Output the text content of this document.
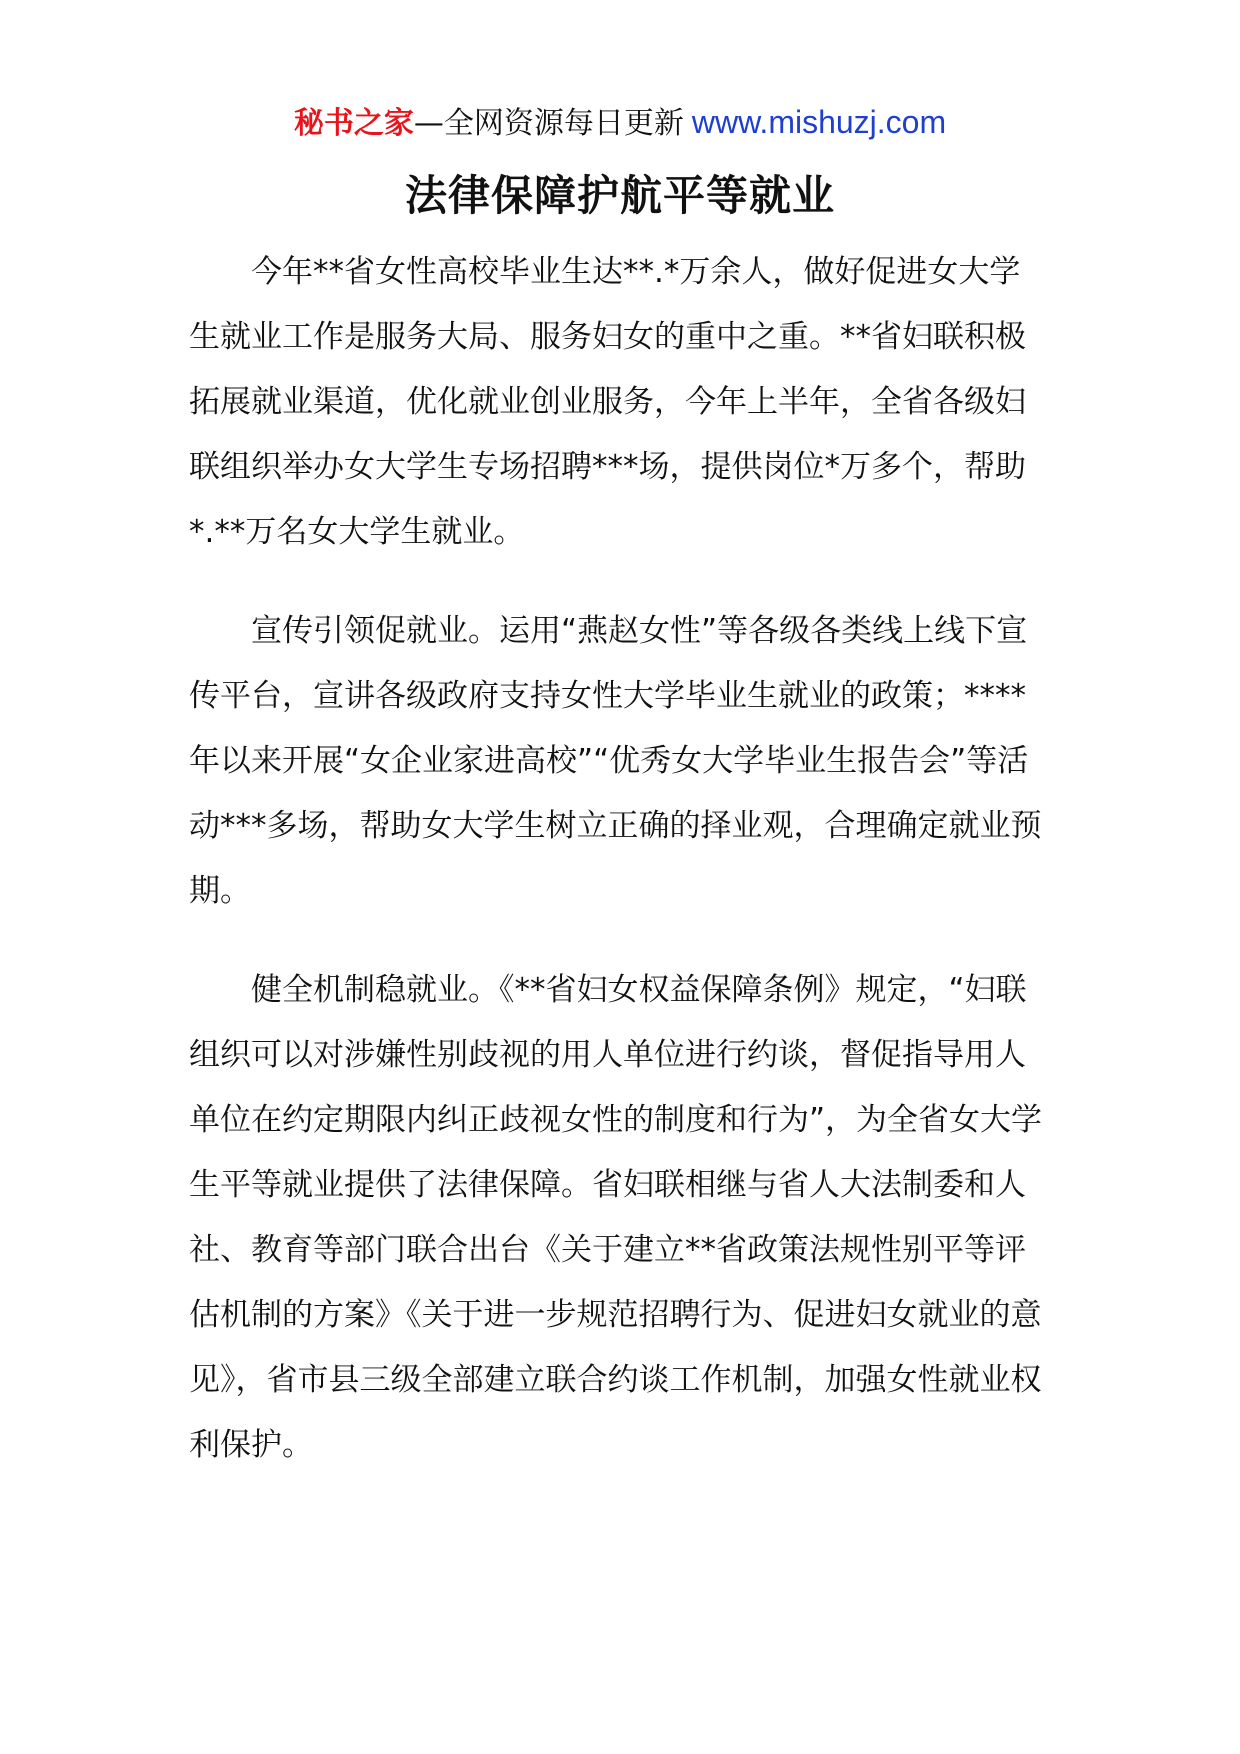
秘书之家—全网资源每日更新 www.mishuzj.com
法律保障护航平等就业

今年**省女性高校毕业生达**.*万余人，做好促进女大学生就业工作是服务大局、服务妇女的重中之重。**省妇联积极拓展就业渠道，优化就业创业服务，今年上半年，全省各级妇联组织举办女大学生专场招聘***场，提供岗位*万多个，帮助*.**万名女大学生就业。

宣传引领促就业。运用“燕赵女性”等各级各类线上线下宣传平台，宣讲各级政府支持女性大学毕业生就业的政策；****年以来开展“女企业家进高校”“优秀女大学毕业生报告会”等活动***多场，帮助女大学生树立正确的择业观，合理确定就业预期。

健全机制稳就业。《**省妇女权益保障条例》规定，“妇联组织可以对涉嫌性别歧视的用人单位进行约谈，督促指导用人单位在约定期限内纠正歧视女性的制度和行为”，为全省女大学生平等就业提供了法律保障。省妇联相继与省人大法制委和人社、教育等部门联合出台《关于建立**省政策法规性别平等评估机制的方案》《关于进一步规范招聘行为、促进妇女就业的意见》，省市县三级全部建立联合约谈工作机制，加强女性就业权利保护。
